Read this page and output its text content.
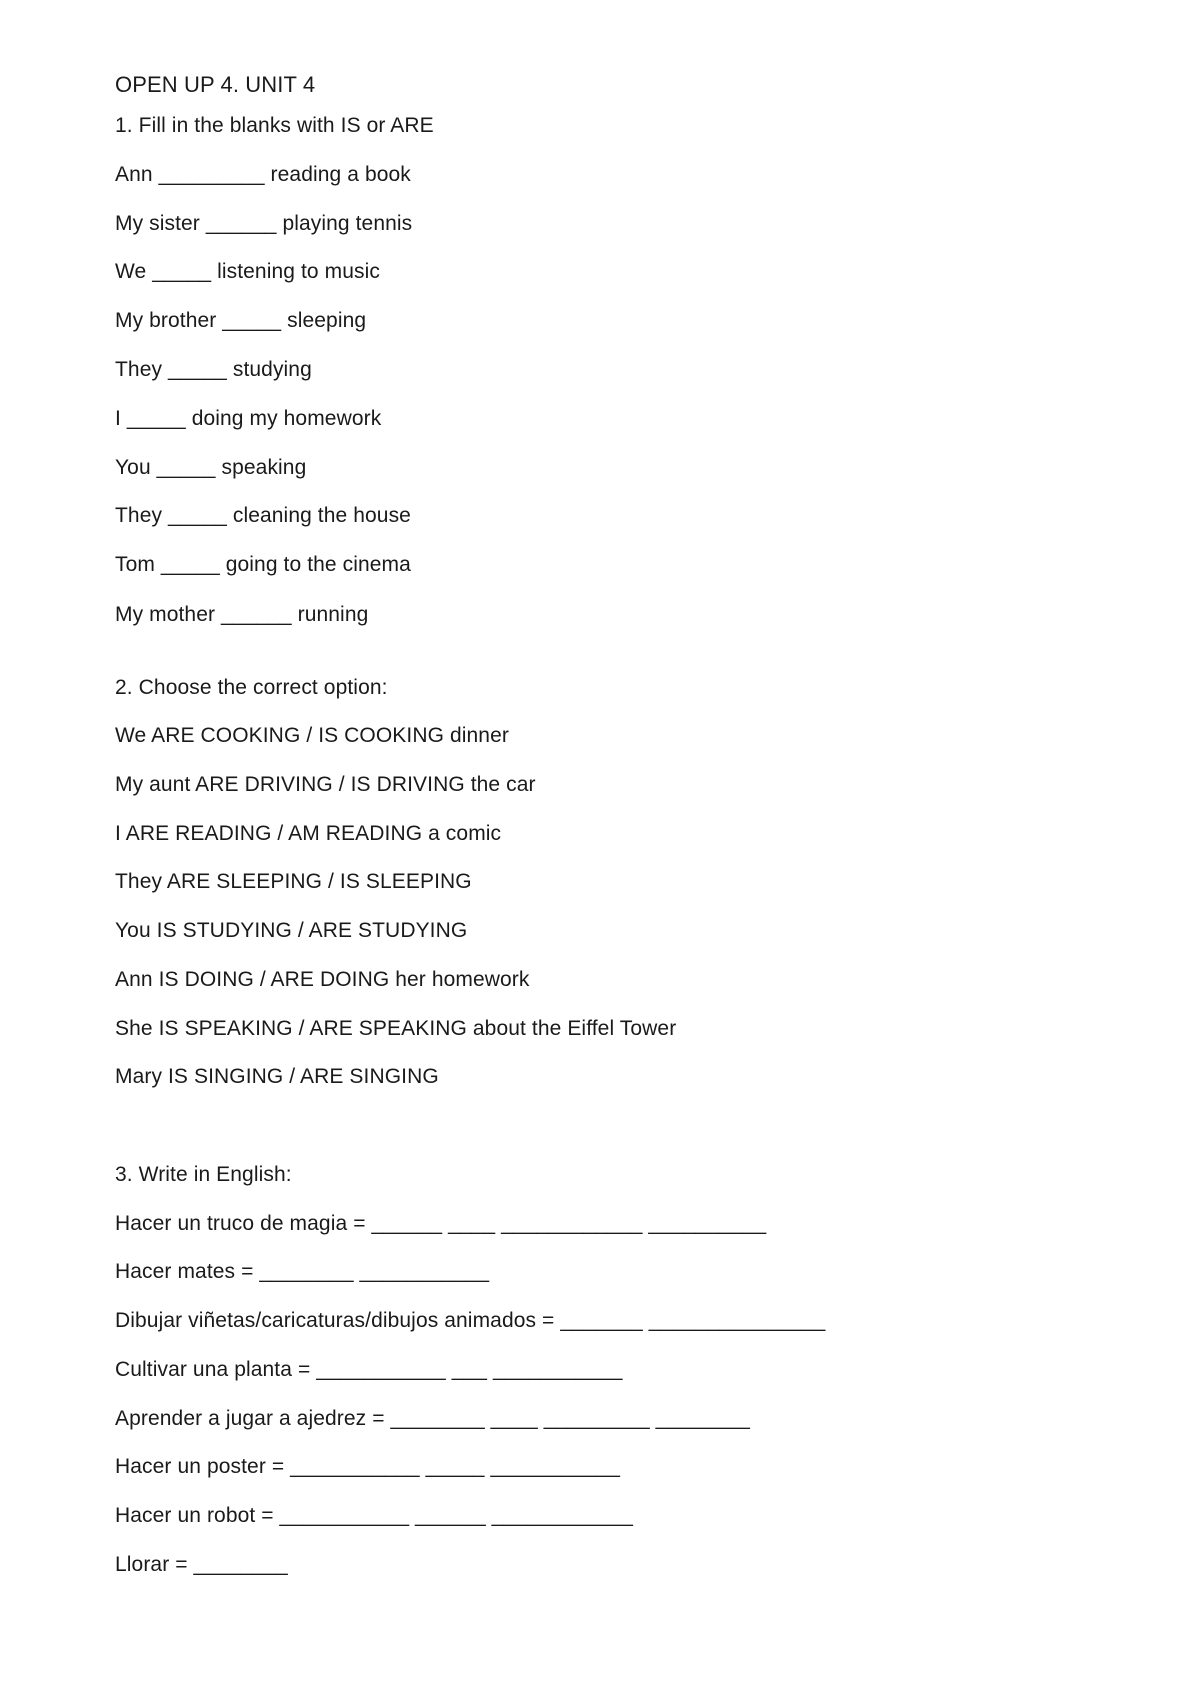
OPEN UP 4. UNIT 4
1. Fill in the blanks with IS or ARE
Ann _________ reading a book
My sister ______ playing tennis
We _____ listening to music
My brother _____ sleeping
They _____ studying
I _____ doing my homework
You _____ speaking
They _____ cleaning the house
Tom _____ going to the cinema
My mother ______ running
2. Choose the correct option:
We ARE COOKING / IS COOKING dinner
My aunt ARE DRIVING / IS DRIVING the car
I ARE READING / AM READING a comic
They ARE SLEEPING / IS SLEEPING
You IS STUDYING / ARE STUDYING
Ann IS DOING / ARE DOING her homework
She IS SPEAKING / ARE SPEAKING about the Eiffel Tower
Mary IS SINGING / ARE SINGING
3. Write in English:
Hacer un truco de magia = ______ ____ ____________ __________
Hacer mates = ________ ___________
Dibujar viñetas/caricaturas/dibujos animados = _______ _______________
Cultivar una planta = ___________ ___ ___________
Aprender a jugar a ajedrez = ________ ____ _________ ________
Hacer un poster = ___________ _____ ___________
Hacer un robot = ___________ ______ ____________
Llorar = ________
